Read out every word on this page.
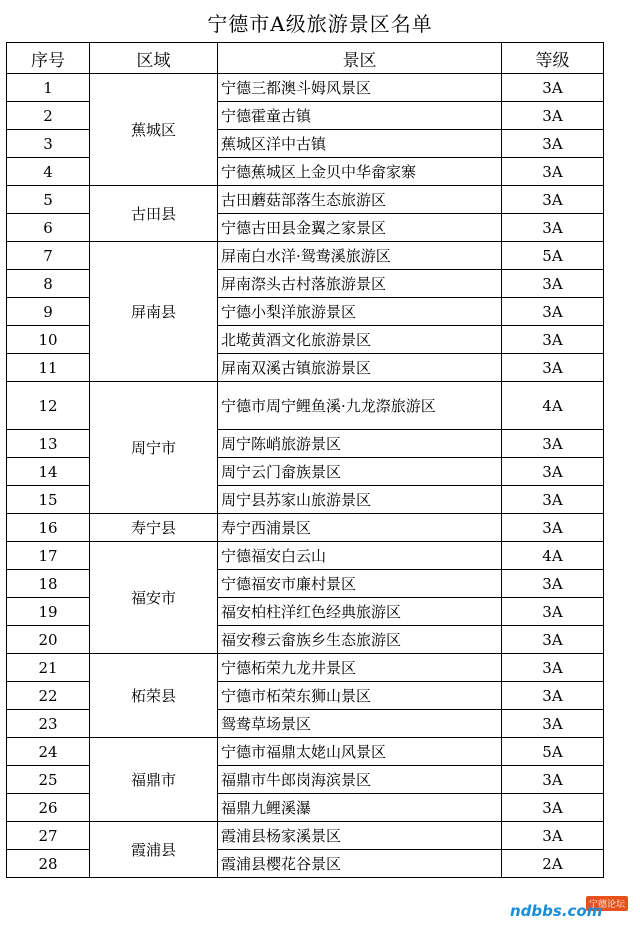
宁德市A级旅游景区名单
序号	区域	景区	等级
1	蕉城区	宁德三都澳斗姆风景区	3A
2		宁德霍童古镇	3A
3		蕉城区洋中古镇	3A
4		宁德蕉城区上金贝中华畲家寨	3A
5	古田县	古田蘑菇部落生态旅游区	3A
6		宁德古田县金翼之家景区	3A
7	屏南县	屏南白水洋·鸳鸯溪旅游区	5A
8		屏南漈头古村落旅游景区	3A
9		宁德小梨洋旅游景区	3A
10		北墘黄酒文化旅游景区	3A
11		屏南双溪古镇旅游景区	3A
12	周宁市	宁德市周宁鲤鱼溪·九龙漈旅游区	4A
13		周宁陈峭旅游景区	3A
14		周宁云门畲族景区	3A
15		周宁县苏家山旅游景区	3A
16	寿宁县	寿宁西浦景区	3A
17	福安市	宁德福安白云山	4A
18		宁德福安市廉村景区	3A
19		福安柏柱洋红色经典旅游区	3A
20		福安穆云畲族乡生态旅游区	3A
21	柘荣县	宁德柘荣九龙井景区	3A
22		宁德市柘荣东狮山景区	3A
23		鸳鸯草场景区	3A
24	福鼎市	宁德市福鼎太姥山风景区	5A
25		福鼎市牛郎岗海滨景区	3A
26		福鼎九鲤溪瀑	3A
27	霞浦县	霞浦县杨家溪景区	3A
28		霞浦县樱花谷景区	2A
宁德论坛
ndbbs.com
